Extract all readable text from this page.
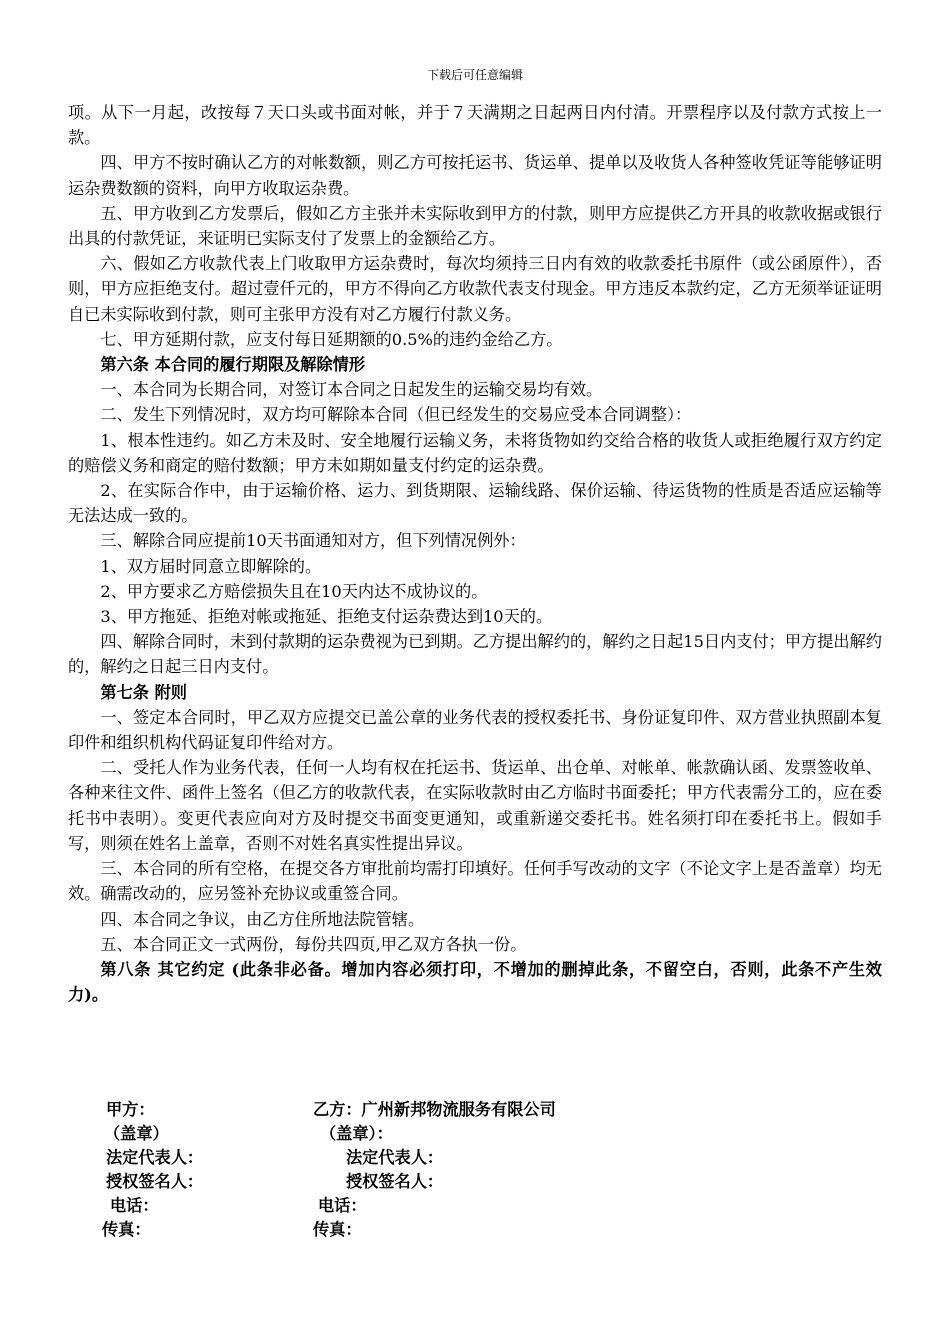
下载后可任意编辑

项。从下一月起，改按每７天口头或书面对帐，并于７天满期之日起两日内付清。开票程序以及付款方式按上一款。

四、甲方不按时确认乙方的对帐数额，则乙方可按托运书、货运单、提单以及收货人各种签收凭证等能够证明运杂费数额的资料，向甲方收取运杂费。

五、甲方收到乙方发票后，假如乙方主张并未实际收到甲方的付款，则甲方应提供乙方开具的收款收据或银行出具的付款凭证，来证明已实际支付了发票上的金额给乙方。

六、假如乙方收款代表上门收取甲方运杂费时，每次均须持三日内有效的收款委托书原件（或公函原件），否则，甲方应拒绝支付。超过壹仟元的，甲方不得向乙方收款代表支付现金。甲方违反本款约定，乙方无须举证证明自已未实际收到付款，则可主张甲方没有对乙方履行付款义务。

七、甲方延期付款，应支付每日延期额的0.5%的违约金给乙方。

第六条 本合同的履行期限及解除情形

一、本合同为长期合同，对签订本合同之日起发生的运输交易均有效。

二、发生下列情况时，双方均可解除本合同（但已经发生的交易应受本合同调整）：

1、根本性违约。如乙方未及时、安全地履行运输义务，未将货物如约交给合格的收货人或拒绝履行双方约定的赔偿义务和商定的赔付数额；甲方未如期如量支付约定的运杂费。

2、在实际合作中，由于运输价格、运力、到货期限、运输线路、保价运输、待运货物的性质是否适应运输等无法达成一致的。

三、解除合同应提前10天书面通知对方，但下列情况例外：

1、双方届时同意立即解除的。

2、甲方要求乙方赔偿损失且在10天内达不成协议的。

3、甲方拖延、拒绝对帐或拖延、拒绝支付运杂费达到10天的。

四、解除合同时，未到付款期的运杂费视为已到期。乙方提出解约的，解约之日起15日内支付；甲方提出解约的，解约之日起三日内支付。

第七条 附则

一、签定本合同时，甲乙双方应提交已盖公章的业务代表的授权委托书、身份证复印件、双方营业执照副本复印件和组织机构代码证复印件给对方。

二、受托人作为业务代表，任何一人均有权在托运书、货运单、出仓单、对帐单、帐款确认函、发票签收单、各种来往文件、函件上签名（但乙方的收款代表，在实际收款时由乙方临时书面委托；甲方代表需分工的，应在委托书中表明）。变更代表应向对方及时提交书面变更通知，或重新递交委托书。姓名须打印在委托书上。假如手写，则须在姓名上盖章，否则不对姓名真实性提出异议。

三、本合同的所有空格，在提交各方审批前均需打印填好。任何手写改动的文字（不论文字上是否盖章）均无效。确需改动的，应另签补充协议或重签合同。

四、本合同之争议，由乙方住所地法院管辖。

五、本合同正文一式两份，每份共四页,甲乙双方各执一份。

第八条 其它约定 (此条非必备。增加内容必须打印，不增加的删掉此条，不留空白，否则，此条不产生效力)。

甲方：	乙方：广州新邦物流服务有限公司
（盖章）	（盖章）：
法定代表人：	法定代表人：
授权签名人：	授权签名人：
电话：	电话：
传真：	传真：
